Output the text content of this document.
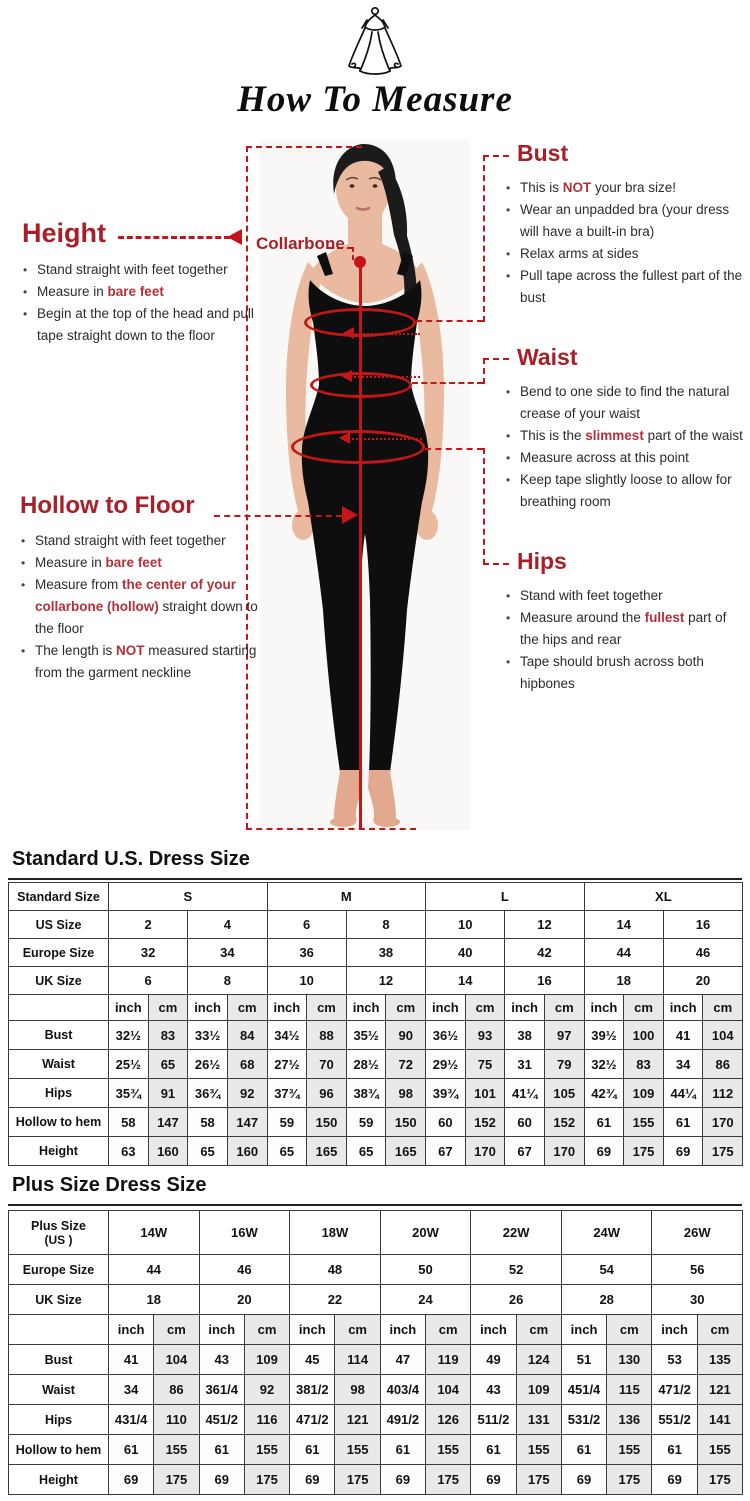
How To Measure
Collarbone
Height
• Stand straight with feet together
• Measure in bare feet
• Begin at the top of the head and pull tape straight down to the floor
Bust
• This is NOT your bra size!
• Wear an unpadded bra (your dress will have a built-in bra)
• Relax arms at sides
• Pull tape across the fullest part of the bust
Waist
• Bend to one side to find the natural crease of your waist
• This is the slimmest part of the waist
• Measure across at this point
• Keep tape slightly loose to allow for breathing room
Hollow to Floor
• Stand straight with feet together
• Measure in bare feet
• Measure from the center of your collarbone (hollow) straight down to the floor
• The length is NOT measured starting from the garment neckline
Hips
• Stand with feet together
• Measure around the fullest part of the hips and rear
• Tape should brush across both hipbones
Standard U.S. Dress Size
Standard Size	S				M				L				XL			
US Size	2		4		6		8		10		12		14		16	
Europe Size	32		34		36		38		40		42		44		46	
UK Size	6		8		10		12		14		16		18		20	
	inch	cm	inch	cm	inch	cm	inch	cm	inch	cm	inch	cm	inch	cm	inch	cm
Bust	32½	83	33½	84	34½	88	35½	90	36½	93	38	97	39½	100	41	104
Waist	25½	65	26½	68	27½	70	28½	72	29½	75	31	79	32½	83	34	86
Hips	35¾	91	36¾	92	37¾	96	38¾	98	39¾	101	41¼	105	42¾	109	44¼	112
Hollow to hem	58	147	58	147	59	150	59	150	60	152	60	152	61	155	61	170
Height	63	160	65	160	65	165	65	165	67	170	67	170	69	175	69	175
Plus Size Dress Size
Plus Size
(US )	14W		16W		18W		20W		22W		24W		26W	
Europe Size	44		46		48		50		52		54		56	
UK Size	18		20		22		24		26		28		30	
	inch	cm	inch	cm	inch	cm	inch	cm	inch	cm	inch	cm	inch	cm
Bust	41	104	43	109	45	114	47	119	49	124	51	130	53	135
Waist	34	86	361/4	92	381/2	98	403/4	104	43	109	451/4	115	471/2	121
Hips	431/4	110	451/2	116	471/2	121	491/2	126	511/2	131	531/2	136	551/2	141
Hollow to hem	61	155	61	155	61	155	61	155	61	155	61	155	61	155
Height	69	175	69	175	69	175	69	175	69	175	69	175	69	175
